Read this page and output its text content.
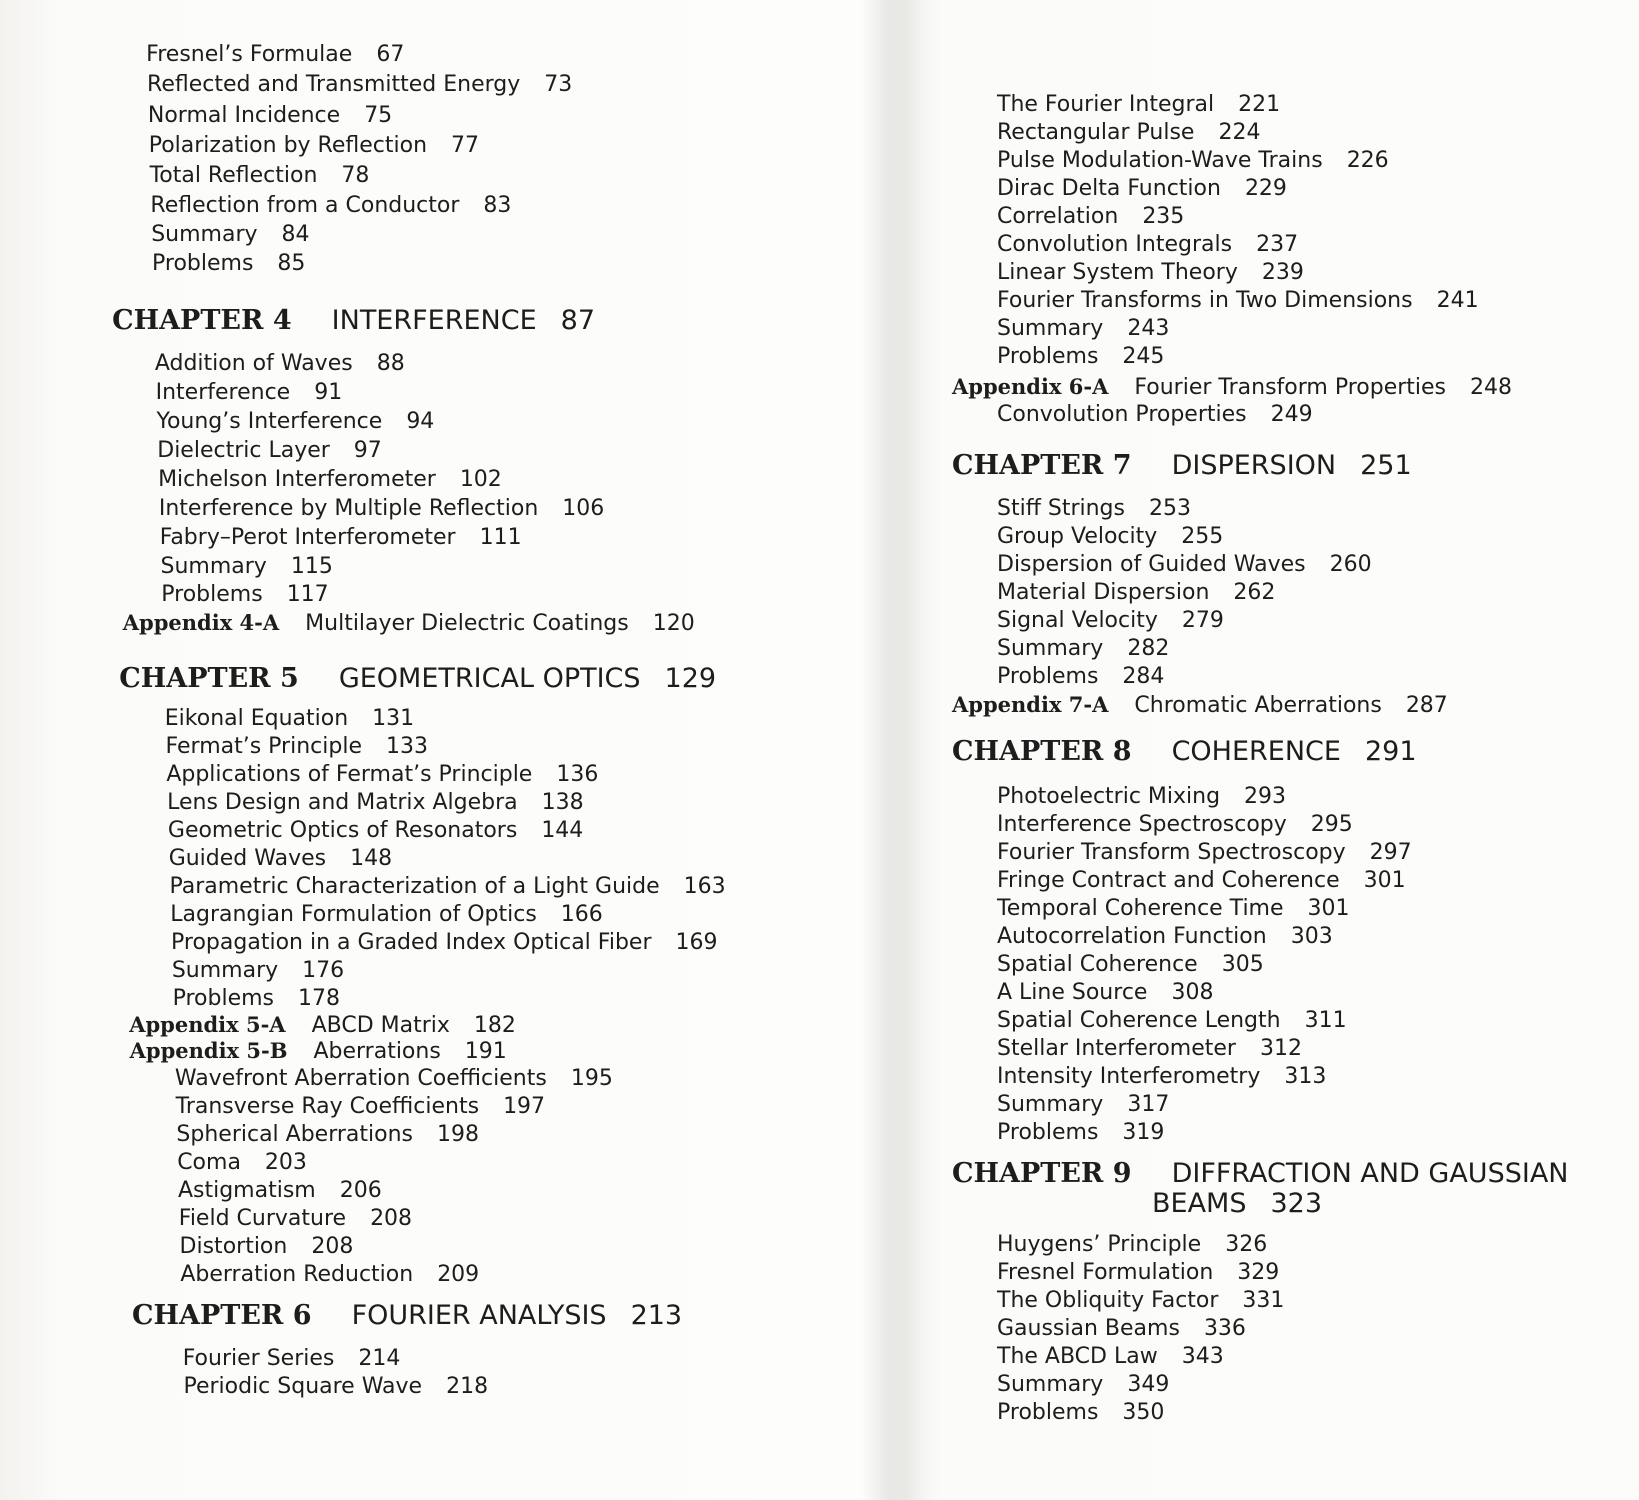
Fresnel’s Formulae 67
Reflected and Transmitted Energy 73
Normal Incidence 75
Polarization by Reflection 77
Total Reflection 78
Reflection from a Conductor 83
Summary 84
Problems 85
CHAPTER 4 INTERFERENCE 87
Addition of Waves 88
Interference 91
Young’s Interference 94
Dielectric Layer 97
Michelson Interferometer 102
Interference by Multiple Reflection 106
Fabry–Perot Interferometer 111
Summary 115
Problems 117
Appendix 4-A Multilayer Dielectric Coatings 120
CHAPTER 5 GEOMETRICAL OPTICS 129
Eikonal Equation 131
Fermat’s Principle 133
Applications of Fermat’s Principle 136
Lens Design and Matrix Algebra 138
Geometric Optics of Resonators 144
Guided Waves 148
Parametric Characterization of a Light Guide 163
Lagrangian Formulation of Optics 166
Propagation in a Graded Index Optical Fiber 169
Summary 176
Problems 178
Appendix 5-A ABCD Matrix 182
Appendix 5-B Aberrations 191
Wavefront Aberration Coefficients 195
Transverse Ray Coefficients 197
Spherical Aberrations 198
Coma 203
Astigmatism 206
Field Curvature 208
Distortion 208
Aberration Reduction 209
CHAPTER 6 FOURIER ANALYSIS 213
Fourier Series 214
Periodic Square Wave 218
The Fourier Integral 221
Rectangular Pulse 224
Pulse Modulation-Wave Trains 226
Dirac Delta Function 229
Correlation 235
Convolution Integrals 237
Linear System Theory 239
Fourier Transforms in Two Dimensions 241
Summary 243
Problems 245
Appendix 6-A Fourier Transform Properties 248
Convolution Properties 249
CHAPTER 7 DISPERSION 251
Stiff Strings 253
Group Velocity 255
Dispersion of Guided Waves 260
Material Dispersion 262
Signal Velocity 279
Summary 282
Problems 284
Appendix 7-A Chromatic Aberrations 287
CHAPTER 8 COHERENCE 291
Photoelectric Mixing 293
Interference Spectroscopy 295
Fourier Transform Spectroscopy 297
Fringe Contract and Coherence 301
Temporal Coherence Time 301
Autocorrelation Function 303
Spatial Coherence 305
A Line Source 308
Spatial Coherence Length 311
Stellar Interferometer 312
Intensity Interferometry 313
Summary 317
Problems 319
CHAPTER 9 DIFFRACTION AND GAUSSIAN
BEAMS 323
Huygens’ Principle 326
Fresnel Formulation 329
The Obliquity Factor 331
Gaussian Beams 336
The ABCD Law 343
Summary 349
Problems 350
